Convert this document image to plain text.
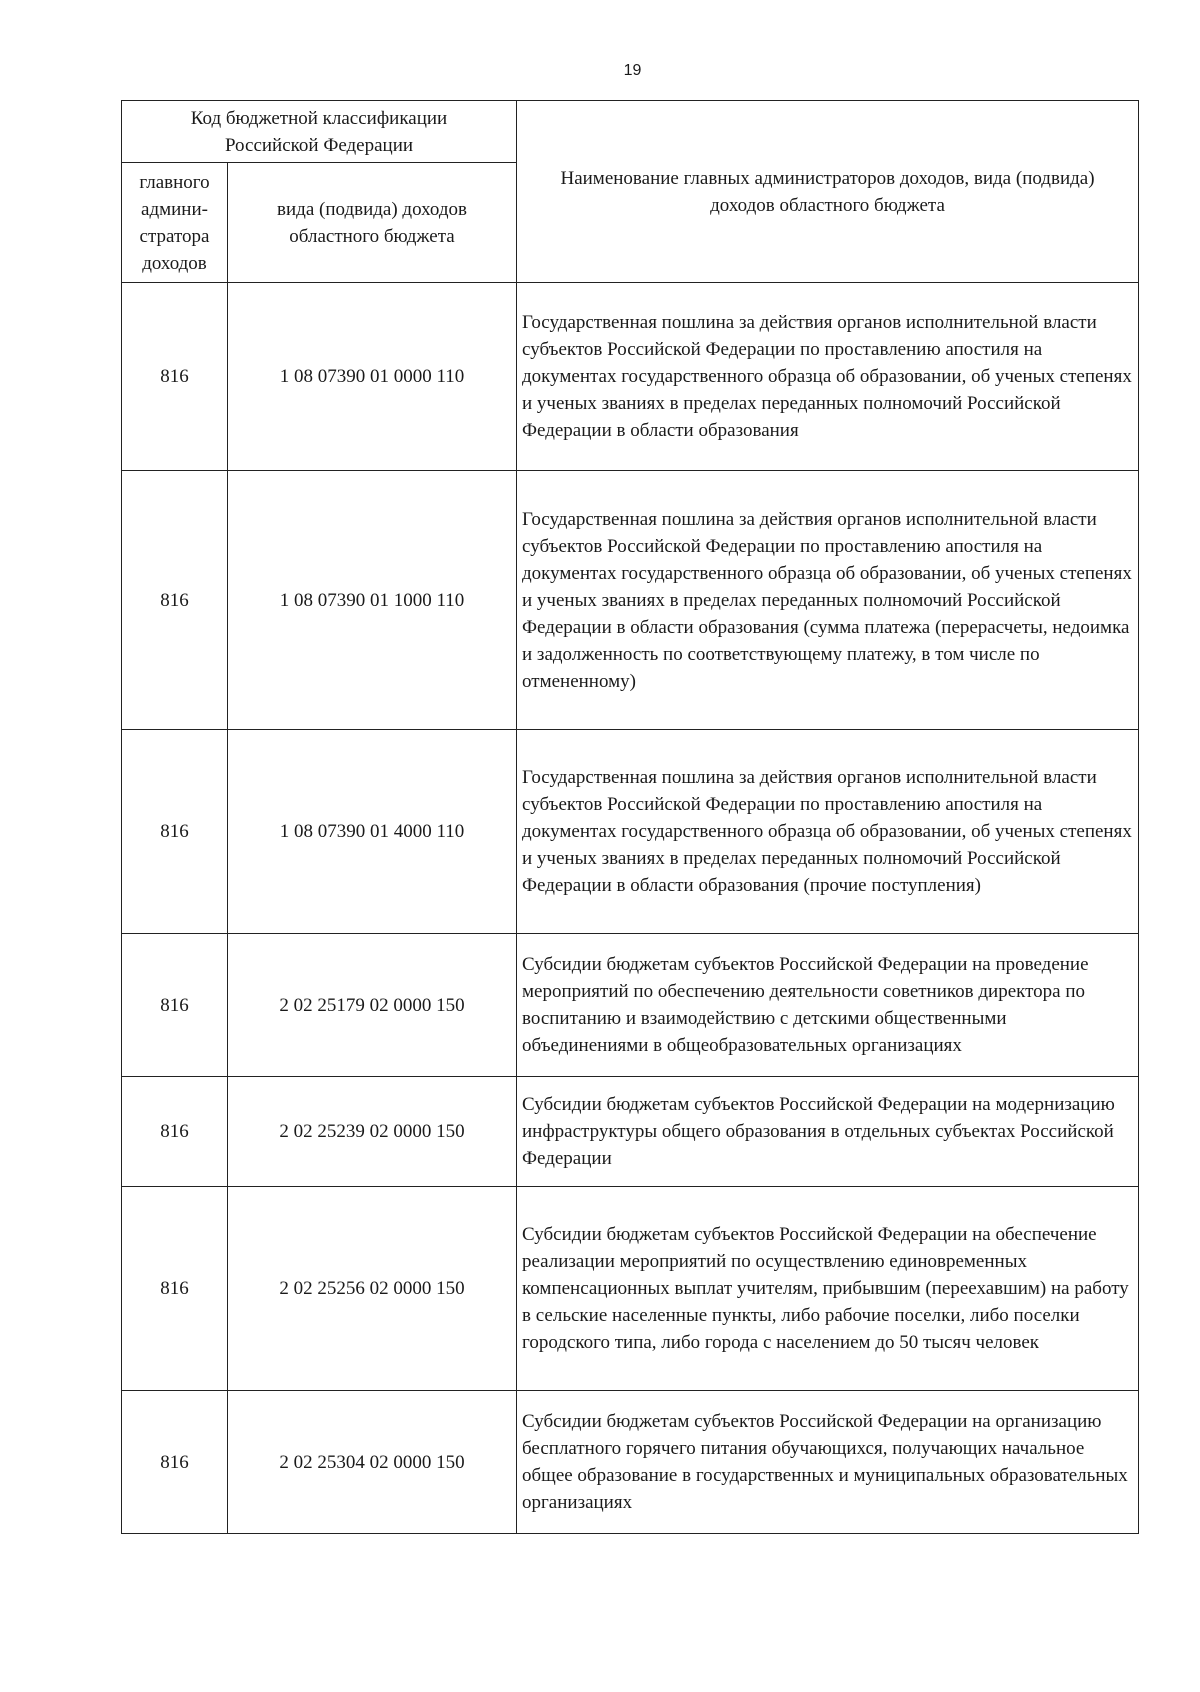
19
Код бюджетной классификации Российской Федерации		Наименование главных администраторов доходов, вида (подвида) доходов областного бюджета
главного админи-стратора доходов	вида (подвида) доходов областного бюджета	
816	1 08 07390 01 0000 110	Государственная пошлина за действия органов исполнительной власти субъектов Российской Федерации по проставлению апостиля на документах государственного образца об образовании, об ученых степенях и ученых званиях в пределах переданных полномочий Российской Федерации в области образования
816	1 08 07390 01 1000 110	Государственная пошлина за действия органов исполнительной власти субъектов Российской Федерации по проставлению апостиля на документах государственного образца об образовании, об ученых степенях и ученых званиях в пределах переданных полномочий Российской Федерации в области образования (сумма платежа (перерасчеты, недоимка и задолженность по соответствующему платежу, в том числе по отмененному)
816	1 08 07390 01 4000 110	Государственная пошлина за действия органов исполнительной власти субъектов Российской Федерации по проставлению апостиля на документах государственного образца об образовании, об ученых степенях и ученых званиях в пределах переданных полномочий Российской Федерации в области образования (прочие поступления)
816	2 02 25179 02 0000 150	Субсидии бюджетам субъектов Российской Федерации на проведение мероприятий по обеспечению деятельности советников директора по воспитанию и взаимодействию с детскими общественными объединениями в общеобразовательных организациях
816	2 02 25239 02 0000 150	Субсидии бюджетам субъектов Российской Федерации на модернизацию инфраструктуры общего образования в отдельных субъектах Российской Федерации
816	2 02 25256 02 0000 150	Субсидии бюджетам субъектов Российской Федерации на обеспечение реализации мероприятий по осуществлению единовременных компенсационных выплат учителям, прибывшим (переехавшим) на работу в сельские населенные пункты, либо рабочие поселки, либо поселки городского типа, либо города с населением до 50 тысяч человек
816	2 02 25304 02 0000 150	Субсидии бюджетам субъектов Российской Федерации на организацию бесплатного горячего питания обучающихся, получающих начальное общее образование в государственных и муниципальных образовательных организациях
